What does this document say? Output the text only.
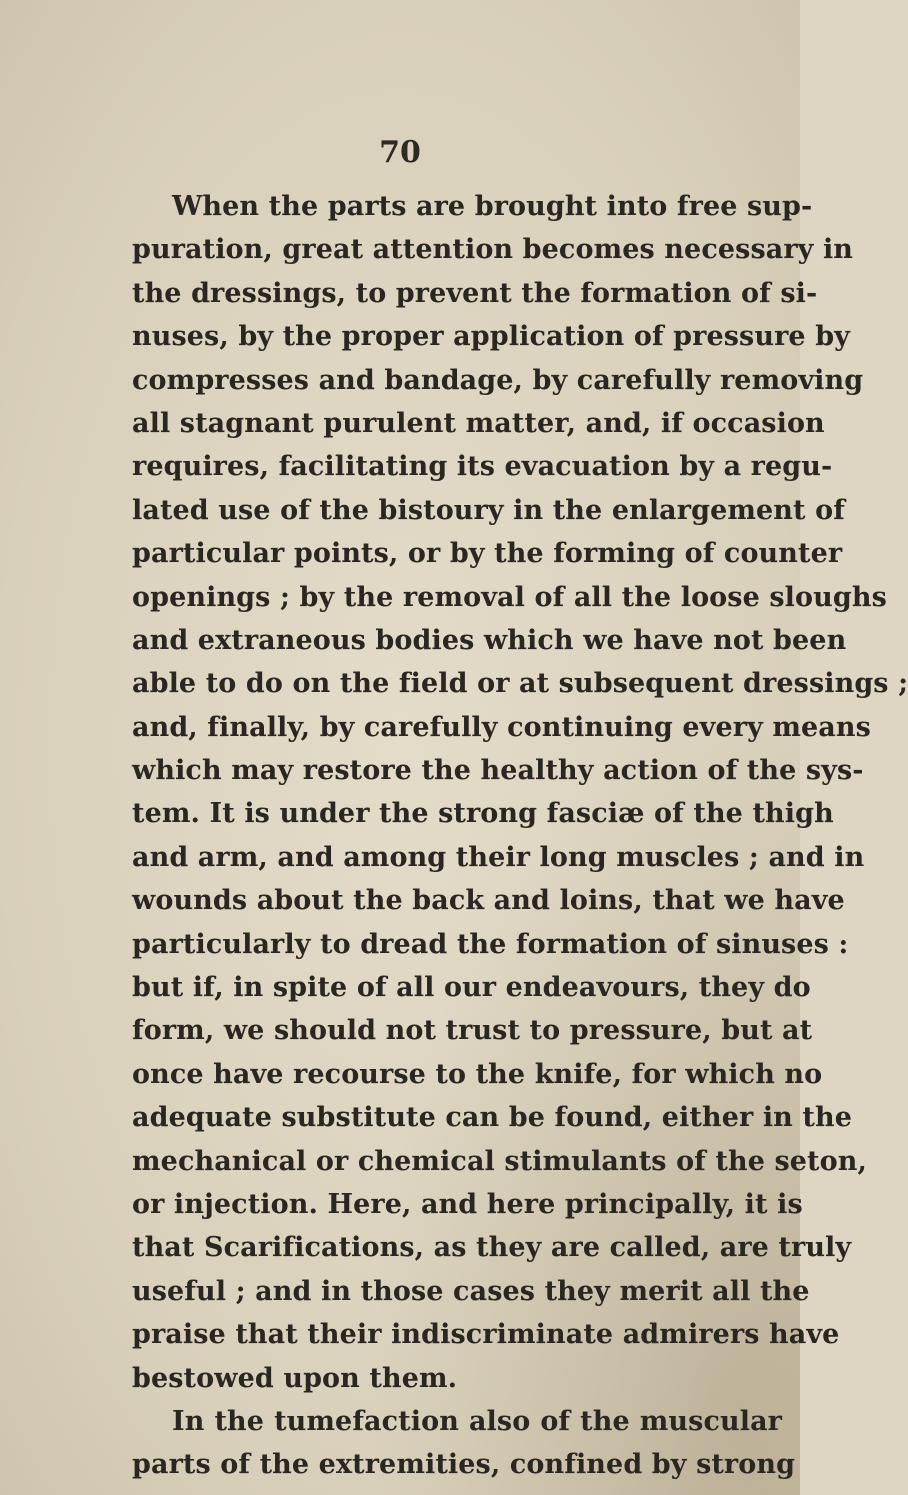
70
When the parts are brought into free sup-
puration, great attention becomes necessary in
the dressings, to prevent the formation of si-
nuses, by the proper application of pressure by
compresses and bandage, by carefully removing
all stagnant purulent matter, and, if occasion
requires, facilitating its evacuation by a regu-
lated use of the bistoury in the enlargement of
particular points, or by the forming of counter
openings ; by the removal of all the loose sloughs
and extraneous bodies which we have not been
able to do on the field or at subsequent dressings ;
and, finally, by carefully continuing every means
which may restore the healthy action of the sys-
tem. It is under the strong fasciæ of the thigh
and arm, and among their long muscles ; and in
wounds about the back and loins, that we have
particularly to dread the formation of sinuses :
but if, in spite of all our endeavours, they do
form, we should not trust to pressure, but at
once have recourse to the knife, for which no
adequate substitute can be found, either in the
mechanical or chemical stimulants of the seton,
or injection. Here, and here principally, it is
that Scarifications, as they are called, are truly
useful ; and in those cases they merit all the
praise that their indiscriminate admirers have
bestowed upon them.
In the tumefaction also of the muscular
parts of the extremities, confined by strong
